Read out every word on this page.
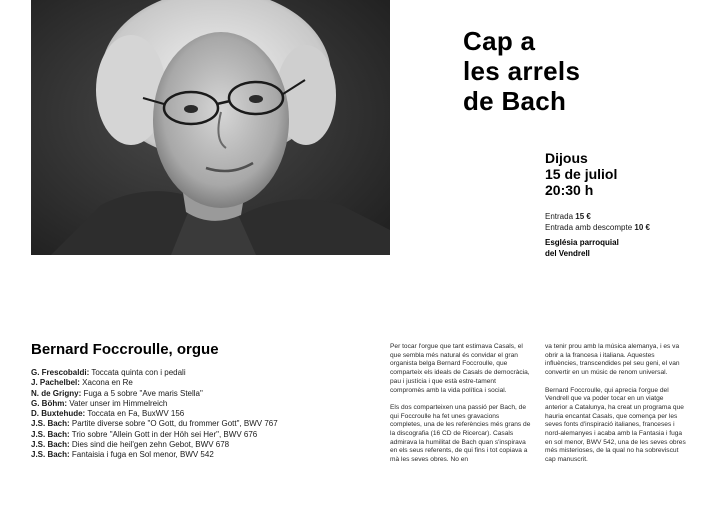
Cap a
les arrels
de Bach
Dijous
15 de juliol
20:30 h
Entrada 15 €
Entrada amb descompte 10 €
Església parroquial
del Vendrell
Bernard Foccroulle, orgue
G. Frescobaldi: Toccata quinta con i pedali
J. Pachelbel: Xacona en Re
N. de Grigny: Fuga a 5 sobre "Ave maris Stella"
G. Böhm: Vater unser im Himmelreich
D. Buxtehude: Toccata en Fa, BuxWV 156
J.S. Bach: Partite diverse sobre "O Gott, du frommer Gott", BWV 767
J.S. Bach: Trio sobre "Allein Gott in der Höh sei Her", BWV 676
J.S. Bach: Dies sind die heil'gen zehn Gebot, BWV 678
J.S. Bach: Fantaisia i fuga en Sol menor, BWV 542

Per tocar l'orgue que tant estimava Casals, el que sembla més natural és convidar el gran organista belga Bernard Foccroulle, que comparteix els ideals de Casals de democràcia, pau i justícia i que està estre-tament compromès amb la vida política i social.

Els dos comparteixen una passió per Bach, de qui Foccroulle ha fet unes gravacions completes, una de les referències més grans de la discografia (16 CD de Ricercar). Casals admirava la humilitat de Bach quan s'inspirava en els seus referents, de qui fins i tot copiava a mà les seves obres. No en

va tenir prou amb la música alemanya, i es va obrir a la francesa i italiana. Aquestes influències, transcendides pel seu geni, el van convertir en un músic de renom universal.

Bernard Foccroulle, qui aprecia l'orgue del Vendrell que va poder tocar en un viatge anterior a Catalunya, ha creat un programa que hauria encantat Casals, que comença per les seves fonts d'inspiració italianes, franceses i nord-alemanyes i acaba amb la Fantasia i fuga en sol menor, BWV 542, una de les seves obres més misterioses, de la qual no ha sobreviscut cap manuscrit.
